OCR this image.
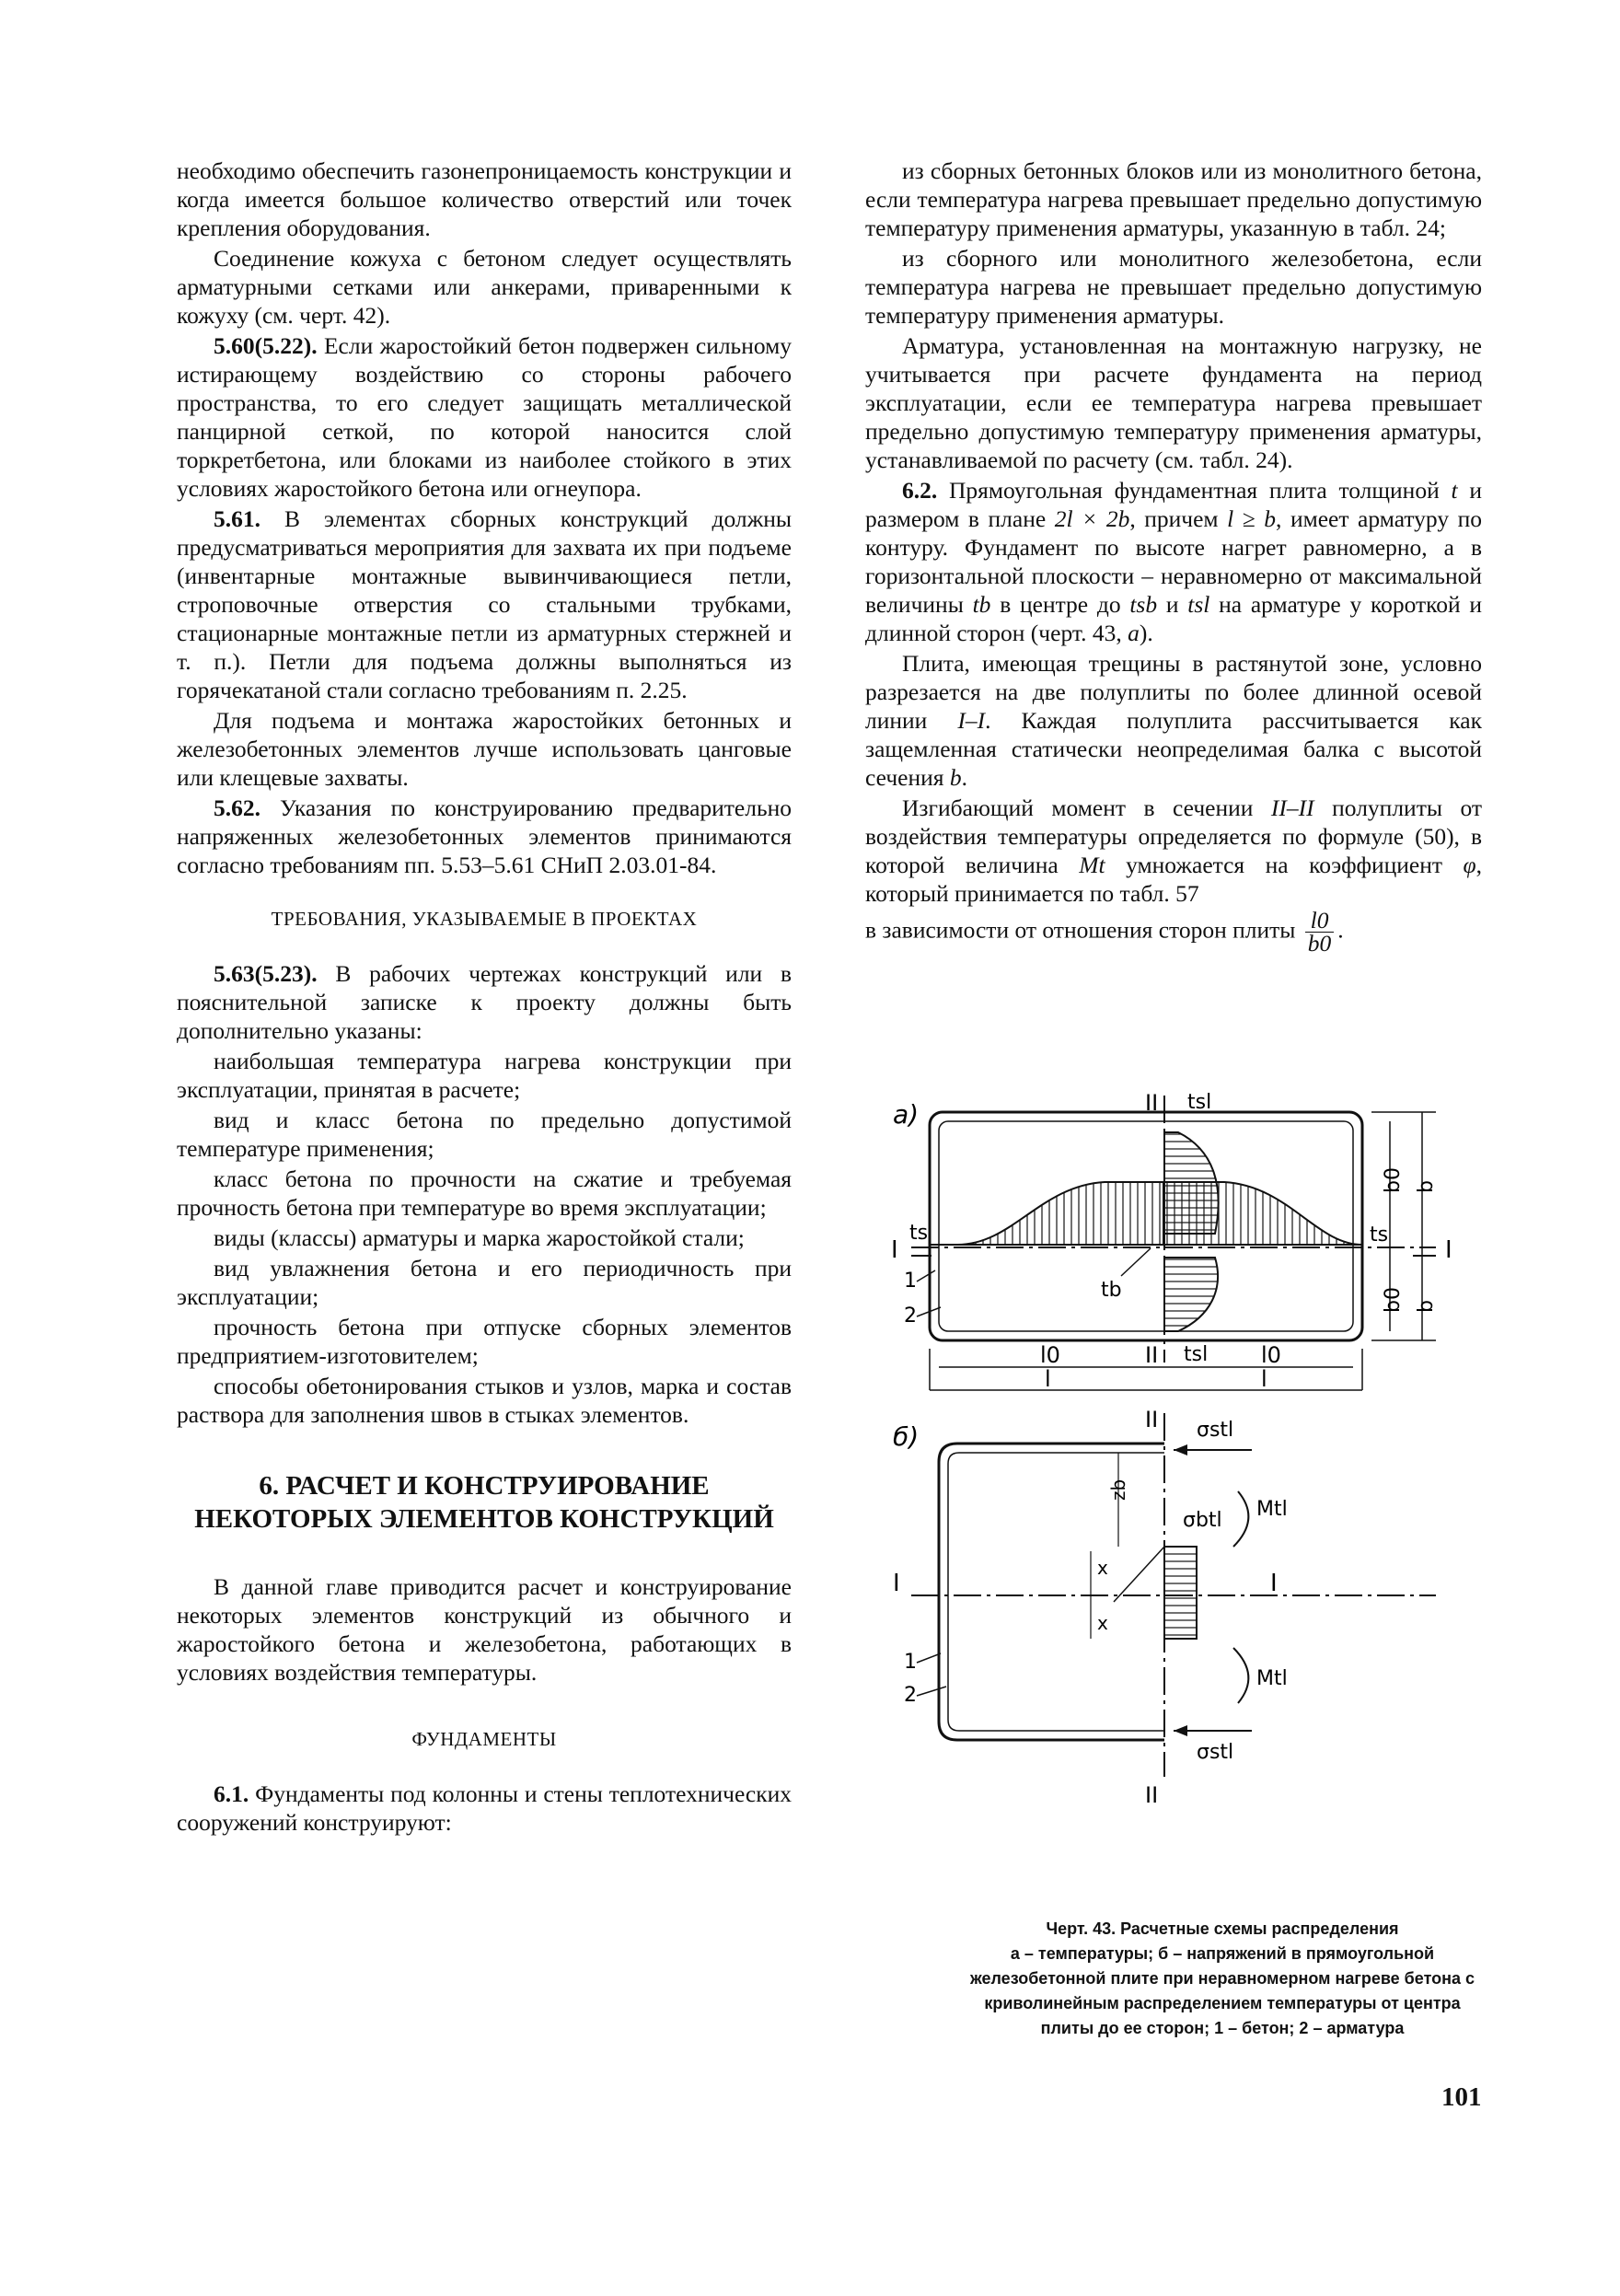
необходимо обеспечить газонепроницаемость конструкции и когда имеется большое количество отверстий или точек крепления оборудования.

Соединение кожуха с бетоном следует осуществлять арматурными сетками или анкерами, приваренными к кожуху (см. черт. 42).

5.60(5.22). Если жаростойкий бетон подвержен сильному истирающему воздействию со стороны рабочего пространства, то его следует защищать металлической панцирной сеткой, по которой наносится слой торкретбетона, или блоками из наиболее стойкого в этих условиях жаростойкого бетона или огнеупора.

5.61. В элементах сборных конструкций должны предусматриваться мероприятия для захвата их при подъеме (инвентарные монтажные вывинчивающиеся петли, строповочные отверстия со стальными трубками, стационарные монтажные петли из арматурных стержней и т. п.). Петли для подъема должны выполняться из горячекатаной стали согласно требованиям п. 2.25.

Для подъема и монтажа жаростойких бетонных и железобетонных элементов лучше использовать цанговые или клещевые захваты.

5.62. Указания по конструированию предварительно напряженных железобетонных элементов принимаются согласно требованиям пп. 5.53–5.61 СНиП 2.03.01-84.

ТРЕБОВАНИЯ, УКАЗЫВАЕМЫЕ В ПРОЕКТАХ

5.63(5.23). В рабочих чертежах конструкций или в пояснительной записке к проекту должны быть дополнительно указаны:

наибольшая температура нагрева конструкции при эксплуатации, принятая в расчете;

вид и класс бетона по предельно допустимой температуре применения;

класс бетона по прочности на сжатие и требуемая прочность бетона при температуре во время эксплуатации;

виды (классы) арматуры и марка жаростойкой стали;

вид увлажнения бетона и его периодичность при эксплуатации;

прочность бетона при отпуске сборных элементов предприятием-изготовителем;

способы обетонирования стыков и узлов, марка и состав раствора для заполнения швов в стыках элементов.

6. РАСЧЕТ И КОНСТРУИРОВАНИЕ
НЕКОТОРЫХ ЭЛЕМЕНТОВ КОНСТРУКЦИЙ

В данной главе приводится расчет и конструирование некоторых элементов конструкций из обычного и жаростойкого бетона и железобетона, работающих в условиях воздействия температуры.

ФУНДАМЕНТЫ

6.1. Фундаменты под колонны и стены теплотехнических сооружений конструируют:

из сборных бетонных блоков или из монолитного бетона, если температура нагрева превышает предельно допустимую температуру применения арматуры, указанную в табл. 24;

из сборного или монолитного железобетона, если температура нагрева не превышает предельно допустимую температуру применения арматуры.

Арматура, установленная на монтажную нагрузку, не учитывается при расчете фундамента на период эксплуатации, если ее температура нагрева превышает предельно допустимую температуру применения арматуры, устанавливаемой по расчету (см. табл. 24).

6.2. Прямоугольная фундаментная плита толщиной t и размером в плане 2l × 2b, причем l ≥ b, имеет арматуру по контуру. Фундамент по высоте нагрет равномерно, а в горизонтальной плоскости – неравномерно от максимальной величины tb в центре до tsb и tsl на арматуре у короткой и длинной сторон (черт. 43, а).

Плита, имеющая трещины в растянутой зоне, условно разрезается на две полуплиты по более длинной осевой линии I–I. Каждая полуплита рассчитывается как защемленная статически неопределимая балка с высотой сечения b.

Изгибающий момент в сечении II–II полуплиты от воздействия температуры определяется по формуле (50), в которой величина Mt умножается на коэффициент φ, который принимается по табл. 57

в зависимости от отношения сторон плиты $\frac{l0}{b0}$ .

а)
I	I
II
II
tsl
tsl
ts	ts
tb
b0 b
b0 b
l0	l0
l	l
1
2
б)
II
II
I	I
σstl
σstl
σbtl Mtl
Mtl
zb
x
x
1
2
Черт. 43. Расчетные схемы распределения
а – температуры; б – напряжений в прямоугольной железобетонной плите при неравномерном нагреве бетона с криволинейным распределением температуры от центра плиты до ее сторон; 1 – бетон; 2 – арматура
101
